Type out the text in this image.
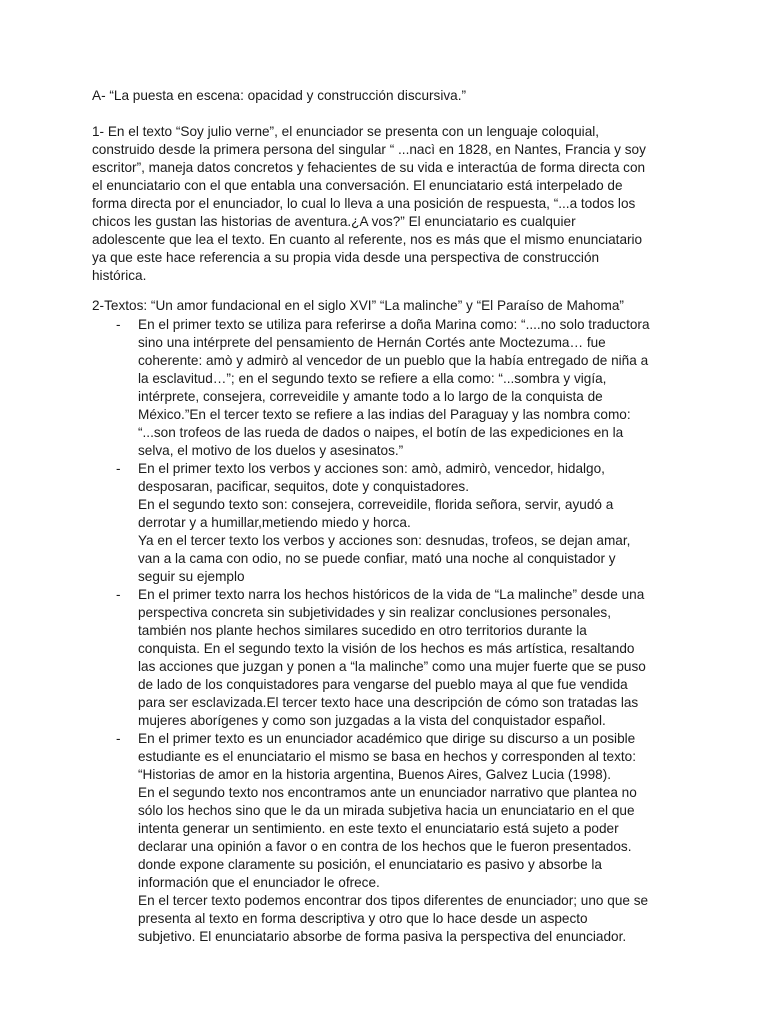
A- “La puesta en escena: opacidad y construcción discursiva.”

1- En el texto “Soy julio verne”, el enunciador se presenta con un lenguaje coloquial,
construido desde la primera persona del singular “ ...nacì en 1828, en Nantes, Francia y soy
escritor”, maneja datos concretos y fehacientes de su vida e interactúa de forma directa con
el enunciatario con el que entabla una conversación. El enunciatario está interpelado de
forma directa por el enunciador, lo cual lo lleva a una posición de respuesta, “...a todos los
chicos les gustan las historias de aventura.¿A vos?” El enunciatario es cualquier
adolescente que lea el texto. En cuanto al referente, nos es más que el mismo enunciatario
ya que este hace referencia a su propia vida desde una perspectiva de construcción
histórica.

2-Textos: “Un amor fundacional en el siglo XVI” “La malinche” y “El Paraíso de Mahoma”

- En el primer texto se utiliza para referirse a doña Marina como: “....no solo traductora
sino una intérprete del pensamiento de Hernán Cortés ante Moctezuma… fue
coherente: amò y admirò al vencedor de un pueblo que la había entregado de niña a
la esclavitud…”; en el segundo texto se refiere a ella como: “...sombra y vigía,
intérprete, consejera, correveidile y amante todo a lo largo de la conquista de
México.”En el tercer texto se refiere a las indias del Paraguay y las nombra como:
“...son trofeos de las rueda de dados o naipes, el botín de las expediciones en la
selva, el motivo de los duelos y asesinatos.”
- En el primer texto los verbos y acciones son: amò, admirò, vencedor, hidalgo,
desposaran, pacificar, sequitos, dote y conquistadores.
En el segundo texto son: consejera, correveidile, florida señora, servir, ayudó a
derrotar y a humillar,metiendo miedo y horca.
Ya en el tercer texto los verbos y acciones son: desnudas, trofeos, se dejan amar,
van a la cama con odio, no se puede confiar, mató una noche al conquistador y
seguir su ejemplo
- En el primer texto narra los hechos históricos de la vida de “La malinche” desde una
perspectiva concreta sin subjetividades y sin realizar conclusiones personales,
también nos plante hechos similares sucedido en otro territorios durante la
conquista. En el segundo texto la visión de los hechos es más artística, resaltando
las acciones que juzgan y ponen a “la malinche” como una mujer fuerte que se puso
de lado de los conquistadores para vengarse del pueblo maya al que fue vendida
para ser esclavizada.El tercer texto hace una descripción de cómo son tratadas las
mujeres aborígenes y como son juzgadas a la vista del conquistador español.
- En el primer texto es un enunciador académico que dirige su discurso a un posible
estudiante es el enunciatario el mismo se basa en hechos y corresponden al texto:
“Historias de amor en la historia argentina, Buenos Aires, Galvez Lucia (1998).
En el segundo texto nos encontramos ante un enunciador narrativo que plantea no
sólo los hechos sino que le da un mirada subjetiva hacia un enunciatario en el que
intenta generar un sentimiento. en este texto el enunciatario está sujeto a poder
declarar una opinión a favor o en contra de los hechos que le fueron presentados.
donde expone claramente su posición, el enunciatario es pasivo y absorbe la
información que el enunciador le ofrece.
En el tercer texto podemos encontrar dos tipos diferentes de enunciador; uno que se
presenta al texto en forma descriptiva y otro que lo hace desde un aspecto
subjetivo. El enunciatario absorbe de forma pasiva la perspectiva del enunciador.
